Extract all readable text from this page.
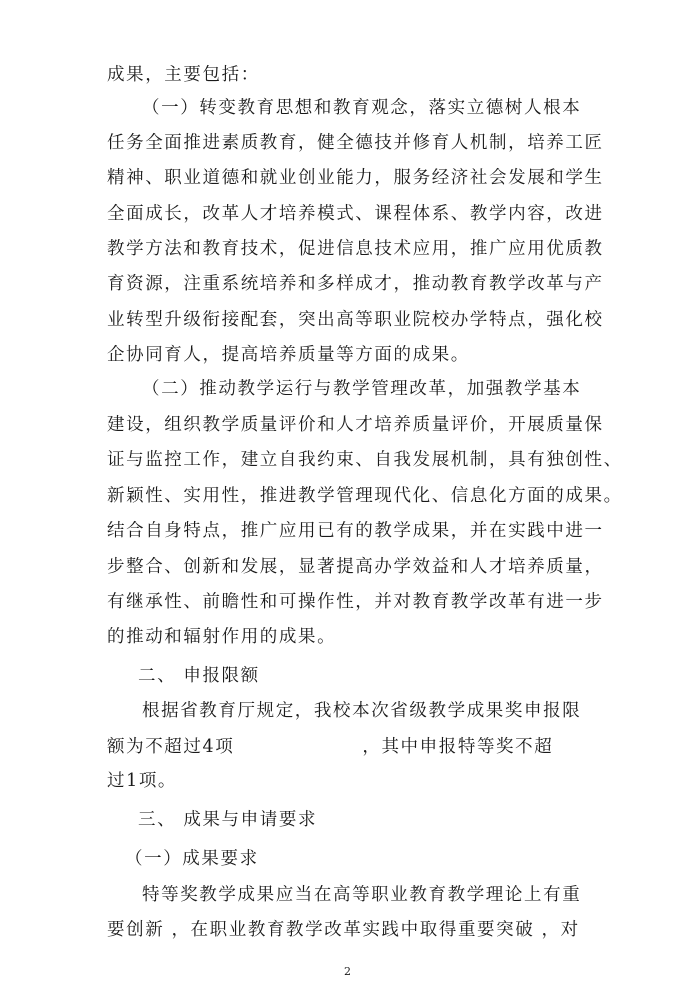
成果，主要包括：
（一）转变教育思想和教育观念，落实立德树人根本
任务全面推进素质教育，健全德技并修育人机制，培养工匠
精神、职业道德和就业创业能力，服务经济社会发展和学生
全面成长，改革人才培养模式、课程体系、教学内容，改进
教学方法和教育技术，促进信息技术应用，推广应用优质教
育资源，注重系统培养和多样成才，推动教育教学改革与产
业转型升级衔接配套，突出高等职业院校办学特点，强化校
企协同育人，提高培养质量等方面的成果。
（二）推动教学运行与教学管理改革，加强教学基本
建设，组织教学质量评价和人才培养质量评价，开展质量保
证与监控工作，建立自我约束、自我发展机制，具有独创性、
新颖性、实用性，推进教学管理现代化、信息化方面的成果。
结合自身特点，推广应用已有的教学成果，并在实践中进一
步整合、创新和发展，显著提高办学效益和人才培养质量，
有继承性、前瞻性和可操作性，并对教育教学改革有进一步
的推动和辐射作用的成果。
二、 申报限额
根据省教育厅规定，我校本次省级教学成果奖申报限
额为不超过4项	，其中申报特等奖不超
过1项。
三、 成果与申请要求
（一）成果要求
特等奖教学成果应当在高等职业教育教学理论上有重
要创新 ，在职业教育教学改革实践中取得重要突破 ，对
2
